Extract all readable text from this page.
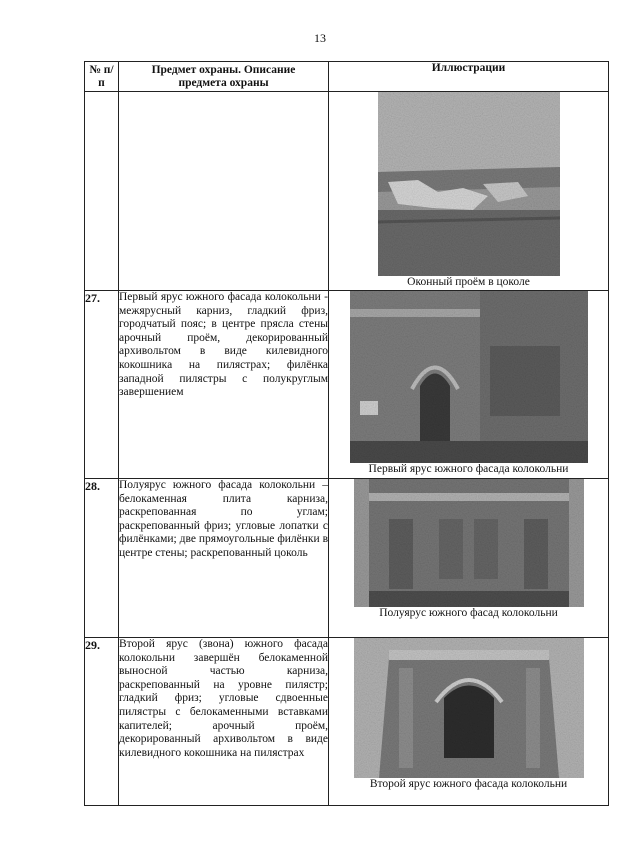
13
№ п/п	Предмет охраны. Описание предмета охраны	Иллюстрации

		Оконный проём в цоколе

27.	Первый ярус южного фасада колокольни - межярусный карниз, гладкий фриз, городчатый пояс; в центре прясла стены арочный проём, декорированный архивольтом в виде килевидного кокошника на пилястрах; филёнка западной пилястры с полукруглым завершением	Первый ярус южного фасада колокольни

28.	Полуярус южного фасада колокольни – белокаменная плита карниза, раскрепованная по углам; раскрепованный фриз; угловые лопатки с филёнками; две прямоугольные филёнки в центре стены; раскрепованный цоколь	Полуярус южного фасад колокольни

29.	Второй ярус (звона) южного фасада колокольни завершён белокаменной выносной частью карниза, раскрепованный на уровне пилястр; гладкий фриз; угловые сдвоенные пилястры с белокаменными вставками капителей; арочный проём, декорированный архивольтом в виде килевидного кокошника на пилястрах	Второй ярус южного фасада колокольни
